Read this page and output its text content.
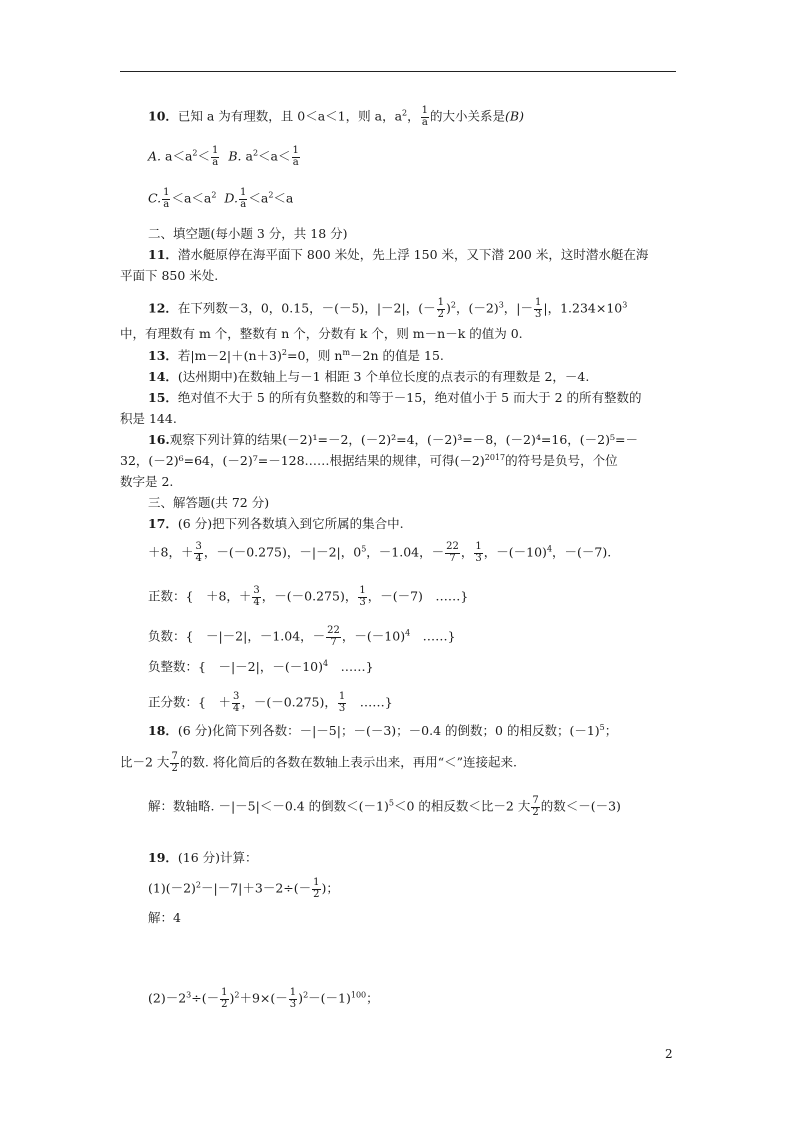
10．已知 a 为有理数，且 0＜a＜1，则 a，$a^2$， $\frac{1}{a}$ 的大小关系是(B)
A. $a<a^2< \frac{1}{a} B$. $a^2<a< \frac{1}{a}$
C. $\frac{1}{a} <a<a^2$ D. $\frac{1}{a} <a^2<a$
二、填空题(每小题 3 分，共 18 分)
11．潜水艇原停在海平面下 800 米处，先上浮 150 米，又下潜 200 米，这时潜水艇在海
平面下 850 米处.
12．在下列数－3，0，0.15，－(－5)，|－2|，(－ $\frac{1}{2} )^2$，$(-2)^3$，|－ $\frac{1}{3}$ |，$1.234\times 10^3$
中，有理数有 m 个，整数有 n 个，分数有 k 个，则 m－n－k 的值为 0.
13．若$|m-2|+(n+3)^2=0$，则 $n^m-2n$ 的值是 15.
14．(达州期中)在数轴上与－1 相距 3 个单位长度的点表示的有理数是 2，－4.
15．绝对值不大于 5 的所有负整数的和等于－15，绝对值小于 5 而大于 2 的所有整数的
积是 144.
16.观察下列计算的结果(－2)¹=－2，(－2)²=4，(－2)³=－8，(－2)⁴=16，(－2)⁵=－
32，(－2)⁶=64，(－2)⁷=－128……根据结果的规律，可得$(-2)^{2017}$的符号是负号，个位
数字是 2.
三、解答题(共 72 分)
17．(6 分)把下列各数填入到它所属的集合中.
＋8，＋ $\frac{3}{4}$ ，－(－0.275)，－|－2|，$0^5$，－1.04，－ $\frac{22}{7}$ ， $\frac{1}{3}$ ，$-(-10)^4$，－(－7).
正数：{　＋8，＋ $\frac{3}{4}$ ，－(－0.275)， $\frac{1}{3}$ ，－(－7)　……}
负数：{　－|－2|，－1.04，－ $\frac{22}{7}$ ，$-(-10)^4$　……}
负整数：{　－|－2|，$-(-10)^4$　……}
正分数：{　＋ $\frac{3}{4}$ ，－(－0.275)， $\frac{1}{3}$ 　……}
18．(6 分)化简下列各数：－|－5|；－(－3)；－0.4 的倒数；0 的相反数；$(-1)^5$；
比－2 大 $\frac{7}{2}$ 的数. 将化简后的各数在数轴上表示出来，再用“＜”连接起来.
解：数轴略. －|－5|＜－0.4 的倒数$<(-1)^5<0$ 的相反数＜比－2 大 $\frac{7}{2}$ 的数＜－(－3)
19．(16 分)计算：
$(1)(-2)^2-|-7|+3-2\div(- \frac{1}{2}$ )；
解：4
$(2)-2^3\div(- \frac{1}{2} )^2+9\times(- \frac{1}{3} )^2-(-1)^{100}$；
2
